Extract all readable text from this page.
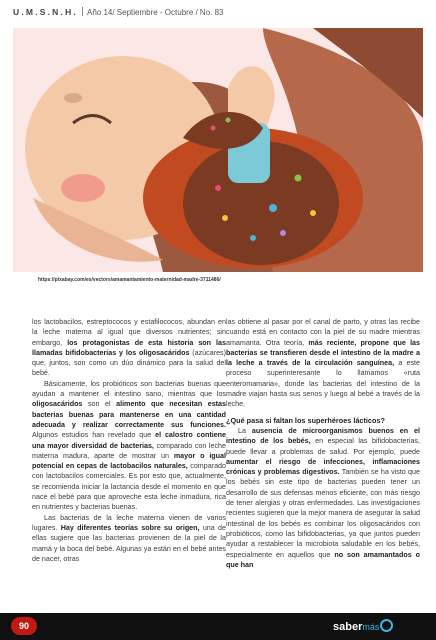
U.M.S.N.H. Año 14/ Septiembre - Octubre / No. 83
https://pixabay.com/es/vectors/amamantamiento-maternidad-madre-3711486/

los lactobacilos, estreptococos y estafilococos, abundan en la leche materna al igual que diversos nutrientes; sin embargo, los protagonistas de esta historia son las llamadas bifidobacterias y los oligosacáridos (azúcares) que, juntos, son como un dúo dinámico para la salud del bebé.

Básicamente, los probióticos son bacterias buenas que ayudan a mantener el intestino sano, mientras que los oligosacáridos son el alimento que necesitan estas bacterias buenas para mantenerse en una cantidad adecuada y realizar correctamente sus funciones. Algunos estudios han revelado que el calostro contiene una mayor diversidad de bacterias, comparado con leche materna madura, aparte de mostrar un mayor o igual potencial en cepas de lactobacilos naturales, comparado con lactobacilos comerciales. Es por esto que, actualmente, se recomienda iniciar la lactancia desde el momento en que nace el bebé para que aproveche esta leche inmadura, rica en nutrientes y bacterias buenas.

Las bacterias de la leche materna vienen de varios lugares. Hay diferentes teorías sobre su origen, una de ellas sugiere que las bacterias provienen de la piel de la mamá y la boca del bebé. Algunas ya están en el bebé antes de nacer, otras

las obtiene al pasar por el canal de parto, y otras las recibe cuando está en contacto con la piel de su madre mientras amamanta. Otra teoría, más reciente, propone que las bacterias se transfieren desde el intestino de la madre a la leche a través de la circulación sanguínea, a este proceso superinteresante lo llamamos «ruta enteromamaria», donde las bacterias del intestino de la madre viajan hasta sus senos y luego al bebé a través de la leche.

¿Qué pasa si faltan los superhéroes lácticos?

La ausencia de microorganismos buenos en el intestino de los bebés, en especial las bifidobacterias, puede llevar a problemas de salud. Por ejemplo, puede aumentar el riesgo de infecciones, inflamaciones crónicas y problemas digestivos. También se ha visto que los bebés sin este tipo de bacterias pueden tener un desarrollo de sus defensas menos eficiente, con más riesgo de tener alergias y otras enfermedades. Las investigaciones recientes sugieren que la mejor manera de asegurar la salud intestinal de los bebés es combinar los oligosacáridos con probióticos, como las bifidobacterias, ya que juntos pueden ayudar a restablecer la microbiota saludable en los bebés, especialmente en aquellos que no son amamantados o que han

90	sabermás
